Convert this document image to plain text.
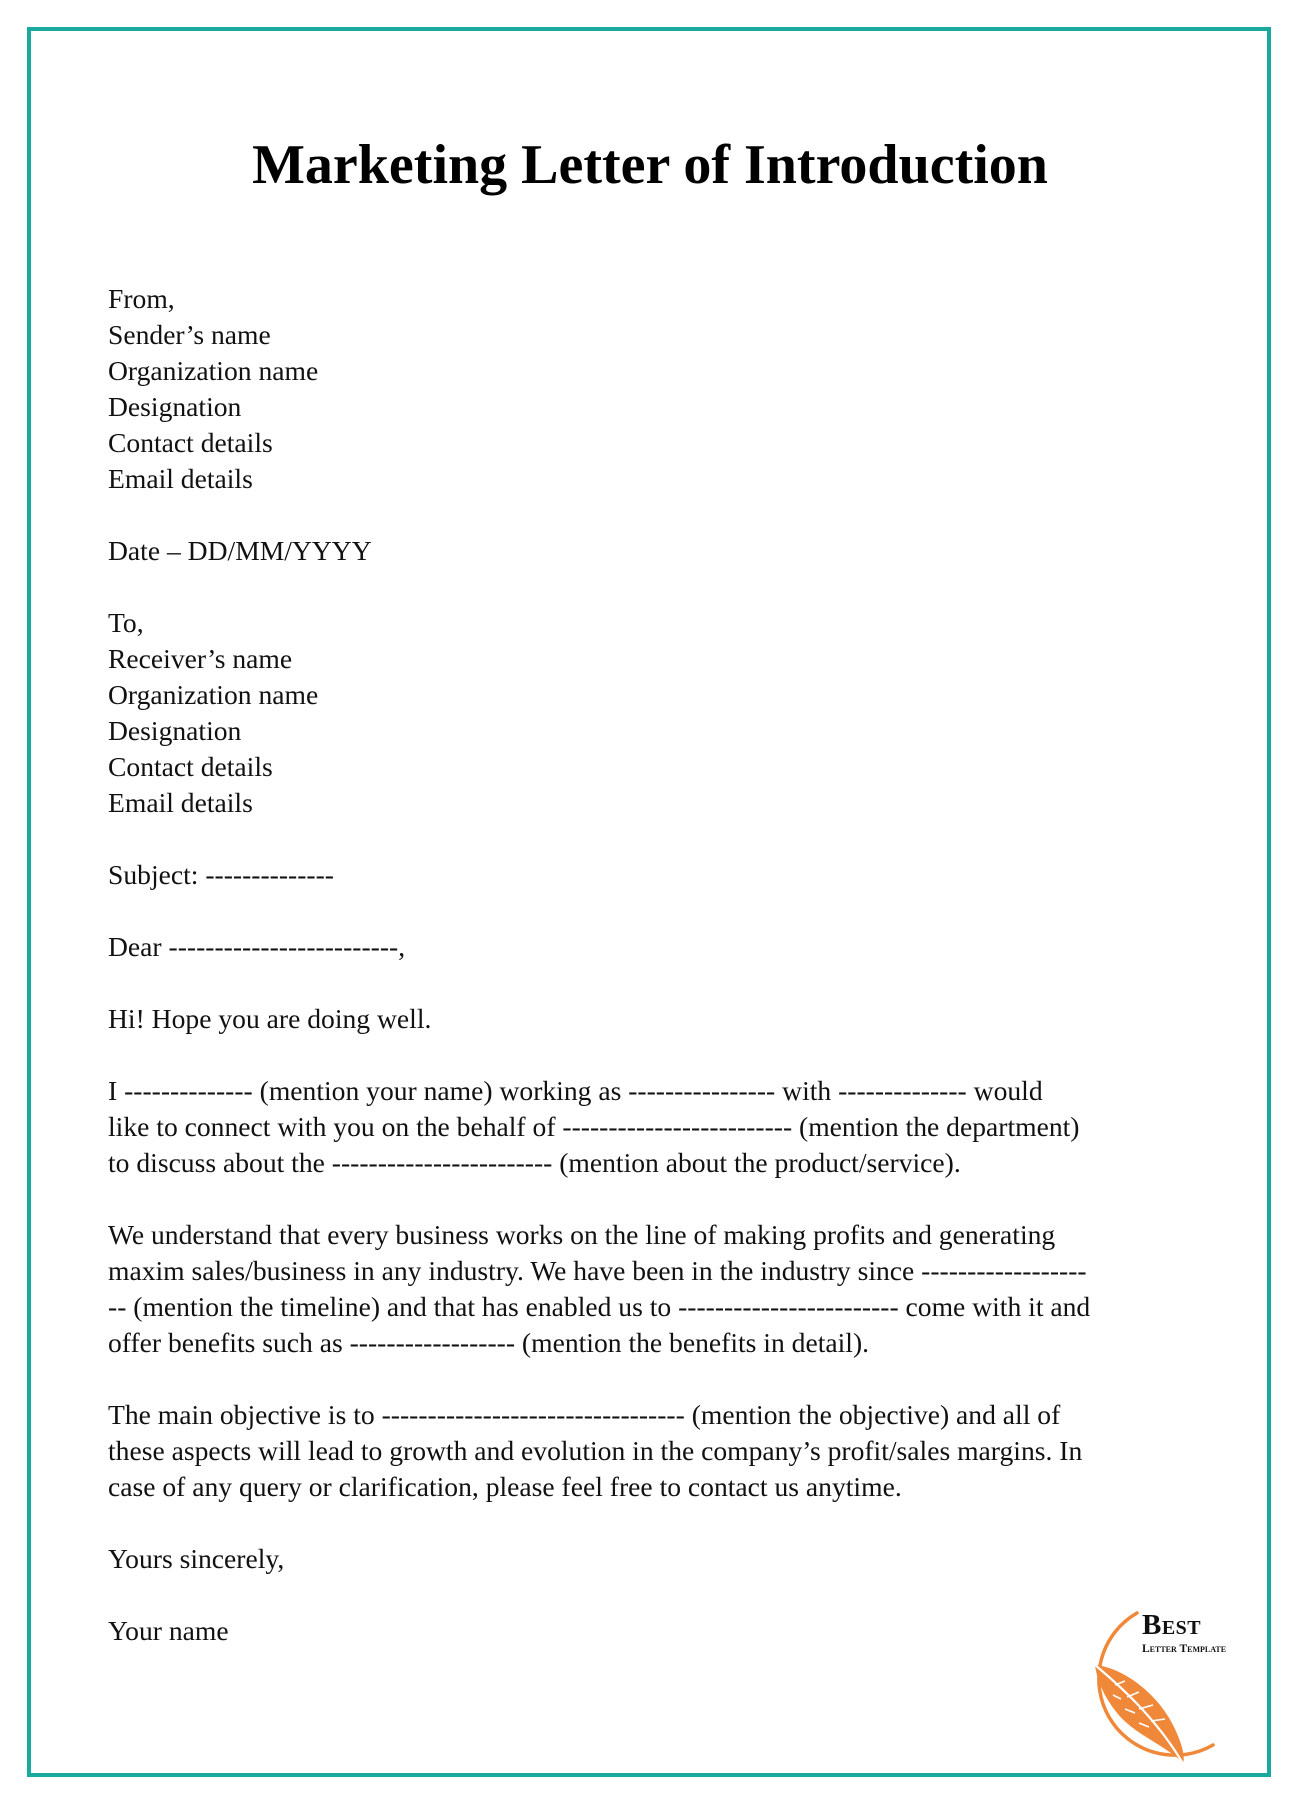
Marketing Letter of Introduction
From,
Sender’s name
Organization name
Designation
Contact details
Email details
Date – DD/MM/YYYY
To,
Receiver’s name
Organization name
Designation
Contact details
Email details
Subject: --------------
Dear -------------------------,
Hi! Hope you are doing well.
I -------------- (mention your name) working as ---------------- with -------------- would
like to connect with you on the behalf of ------------------------- (mention the department)
to discuss about the ------------------------ (mention about the product/service).
We understand that every business works on the line of making profits and generating
maxim sales/business in any industry. We have been in the industry since ------------------
-- (mention the timeline) and that has enabled us to ------------------------ come with it and
offer benefits such as ------------------ (mention the benefits in detail).
The main objective is to --------------------------------- (mention the objective) and all of
these aspects will lead to growth and evolution in the company’s profit/sales margins. In
case of any query or clarification, please feel free to contact us anytime.
Yours sincerely,
Your name	Best
Letter Template
